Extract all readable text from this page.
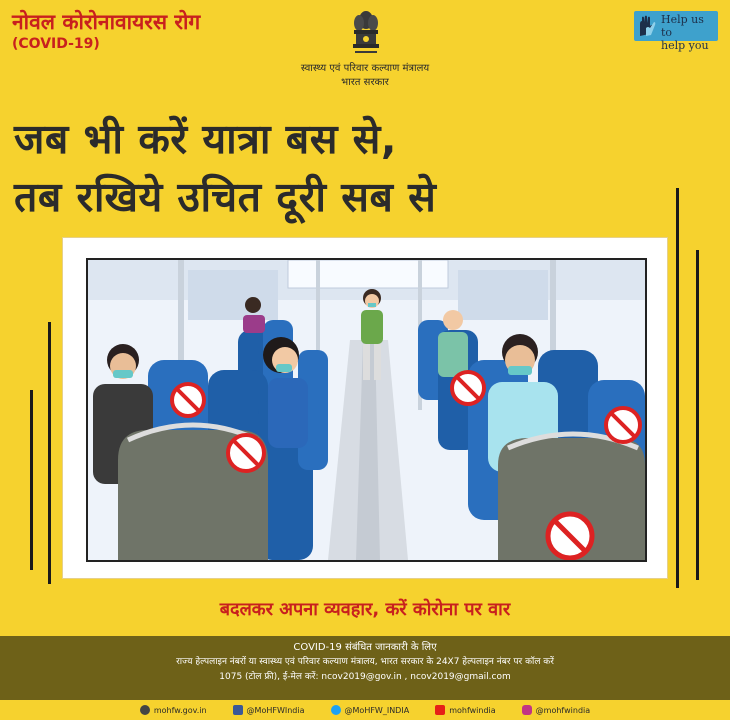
नोवल कोरोनावायरस रोग
(COVID-19)
स्वास्थ्य एवं परिवार कल्याण मंत्रालय
भारत सरकार
Help us to
help you
जब भी करें यात्रा बस से,
तब रखिये उचित दूरी सब से
बदलकर अपना व्यवहार, करें कोरोना पर वार
COVID-19 संबंधित जानकारी के लिए
राज्य हेल्पलाइन नंबरों या स्वास्थ्य एवं परिवार कल्याण मंत्रालय, भारत सरकार के 24X7 हेल्पलाइन नंबर पर कॉल करें
1075 (टोल फ्री), ई-मेल करें: ncov2019@gov.in , ncov2019@gmail.com
mohfw.gov.in	@MoHFWIndia	@MoHFW_INDIA	mohfwindia	@mohfwindia
